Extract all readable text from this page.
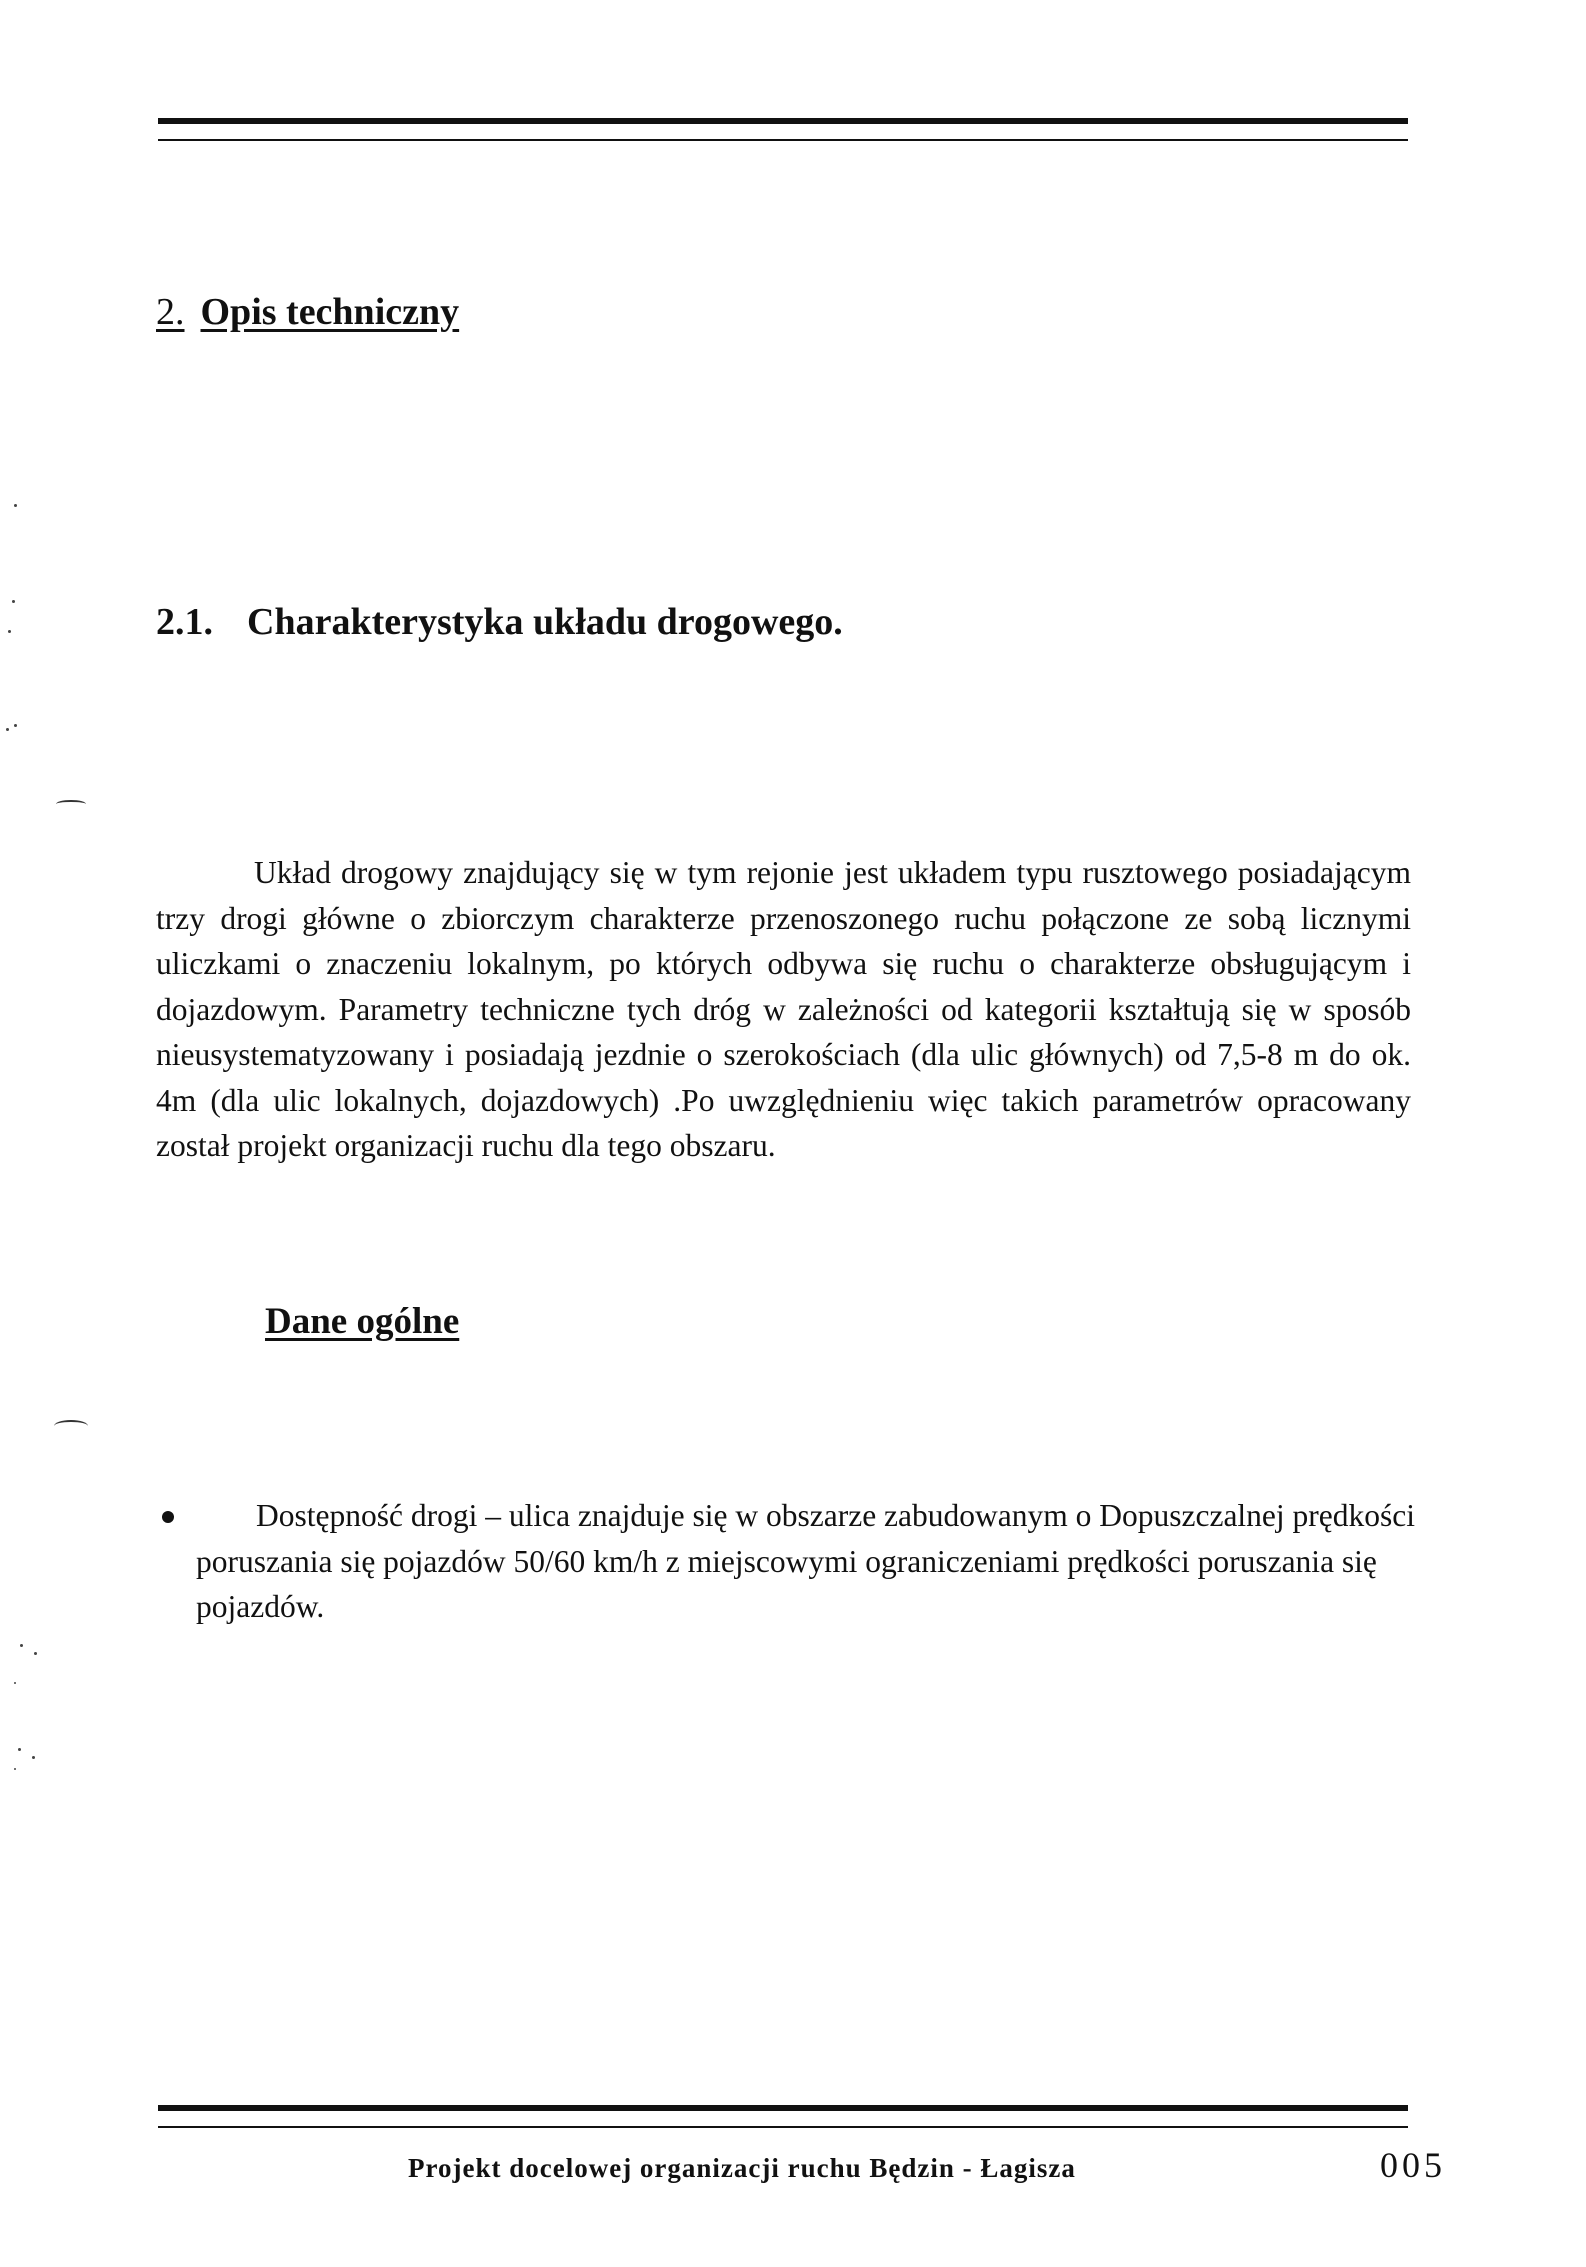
2. Opis techniczny
2.1. Charakterystyka układu drogowego.

Układ drogowy znajdujący się w tym rejonie jest układem typu rusztowego posiadającym trzy drogi główne o zbiorczym charakterze przenoszonego ruchu połączone ze sobą licznymi uliczkami o znaczeniu lokalnym, po których odbywa się ruchu o charakterze obsługującym i dojazdowym. Parametry techniczne tych dróg w zależności od kategorii kształtują się w sposób nieusystematyzowany i posiadają jezdnie o szerokościach (dla ulic głównych) od 7,5-8 m do ok. 4m (dla ulic lokalnych, dojazdowych) .Po uwzględnieniu więc takich parametrów opracowany został projekt organizacji ruchu dla tego obszaru.

Dane ogólne

Dostępność drogi – ulica znajduje się w obszarze zabudowanym o Dopuszczalnej prędkości poruszania się pojazdów 50/60 km/h z miejscowymi ograniczeniami prędkości poruszania się pojazdów.

Projekt docelowej organizacji ruchu Będzin - Łagisza	005
